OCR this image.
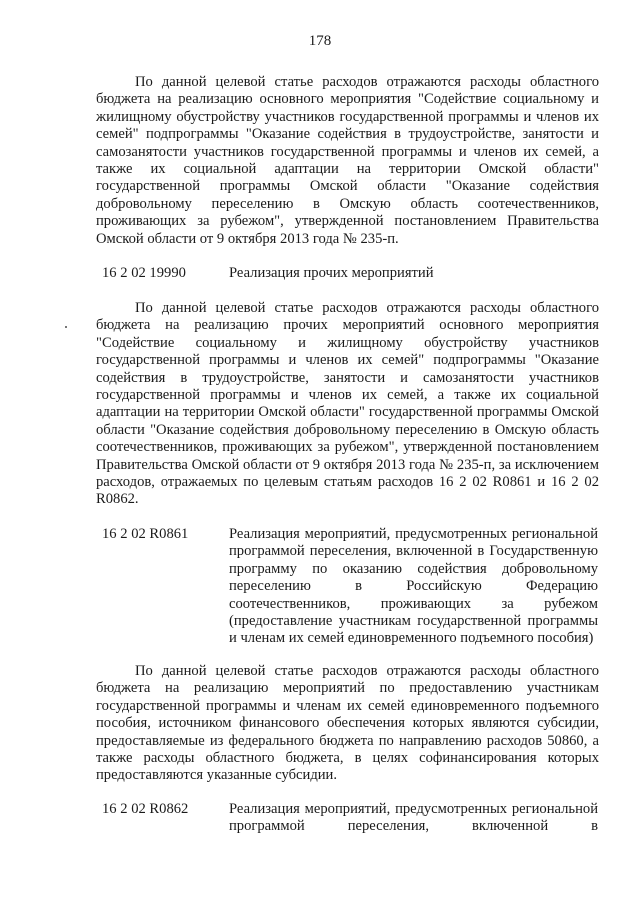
178

По данной целевой статье расходов отражаются расходы областного бюджета на реализацию основного мероприятия "Содействие социальному и жилищному обустройству участников государственной программы и членов их семей" подпрограммы "Оказание содействия в трудоустройстве, занятости и самозанятости участников государственной программы и членов их семей, а также их социальной адаптации на территории Омской области" государственной программы Омской области "Оказание содействия добровольному переселению в Омскую область соотечественников, проживающих за рубежом", утвержденной постановлением Правительства Омской области от 9 октября 2013 года № 235-п.

16 2 02 19990	Реализация прочих мероприятий

По данной целевой статье расходов отражаются расходы областного бюджета на реализацию прочих мероприятий основного мероприятия "Содействие социальному и жилищному обустройству участников государственной программы и членов их семей" подпрограммы "Оказание содействия в трудоустройстве, занятости и самозанятости участников государственной программы и членов их семей, а также их социальной адаптации на территории Омской области" государственной программы Омской области "Оказание содействия добровольному переселению в Омскую область соотечественников, проживающих за рубежом", утвержденной постановлением Правительства Омской области от 9 октября 2013 года № 235-п, за исключением расходов, отражаемых по целевым статьям расходов 16 2 02 R0861 и 16 2 02 R0862.

16 2 02 R0861	Реализация мероприятий, предусмотренных региональной программой переселения, включенной в Государственную программу по оказанию содействия добровольному переселению в Российскую Федерацию соотечественников, проживающих за рубежом (предоставление участникам государственной программы и членам их семей единовременного подъемного пособия)

По данной целевой статье расходов отражаются расходы областного бюджета на реализацию мероприятий по предоставлению участникам государственной программы и членам их семей единовременного подъемного пособия, источником финансового обеспечения которых являются субсидии, предоставляемые из федерального бюджета по направлению расходов 50860, а также расходы областного бюджета, в целях софинансирования которых предоставляются указанные субсидии.

16 2 02 R0862	Реализация мероприятий, предусмотренных региональной программой переселения, включенной в
